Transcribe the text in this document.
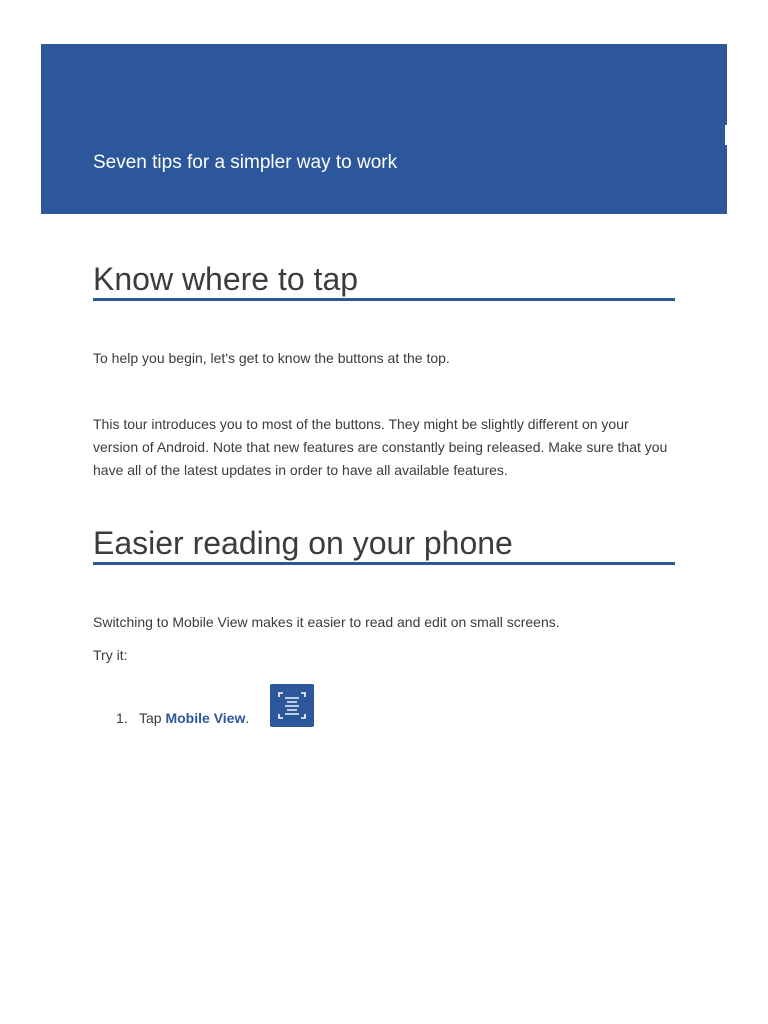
Seven tips for a simpler way to work
Know where to tap

To help you begin, let's get to know the buttons at the top.

This tour introduces you to most of the buttons. They might be slightly different on your version of Android. Note that new features are constantly being released. Make sure that you have all of the latest updates in order to have all available features.

Easier reading on your phone

Switching to Mobile View makes it easier to read and edit on small screens.

Try it:

1. Tap Mobile View.
